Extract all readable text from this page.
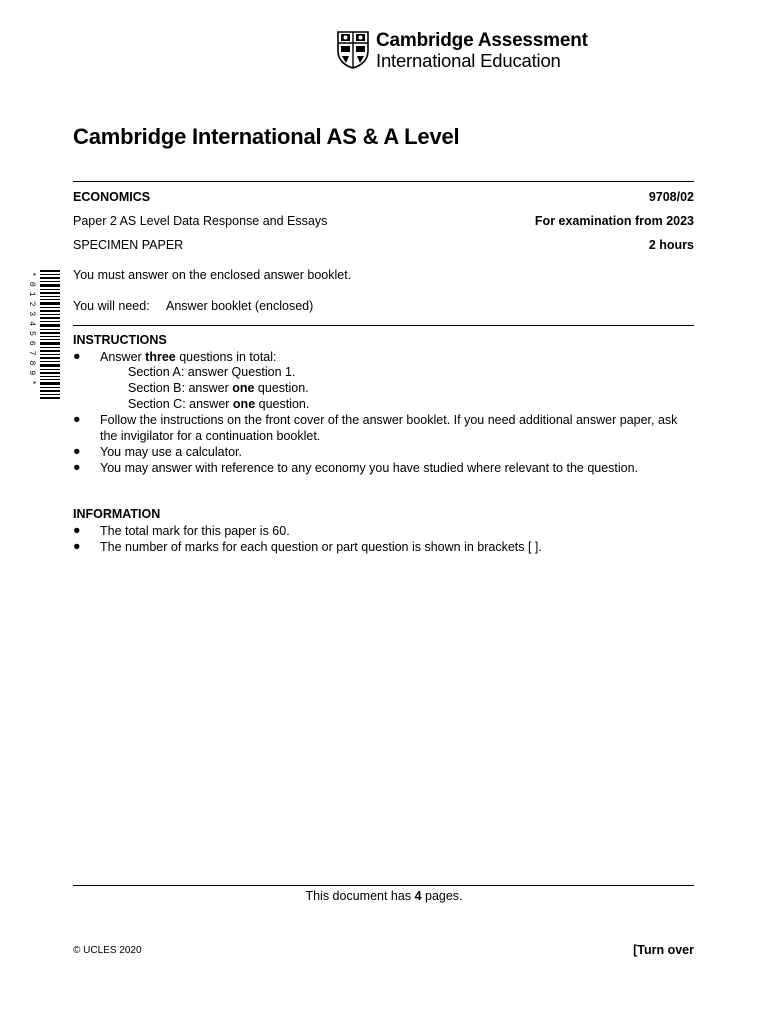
Cambridge Assessment
International Education
Cambridge International AS & A Level
ECONOMICS	9708/02
Paper 2 AS Level Data Response and Essays	For examination from 2023
SPECIMEN PAPER	2 hours
* 0 1 2 3 4 5 6 7 8 9 *	You must answer on the enclosed answer booklet.
You will need: Answer booklet (enclosed)
INSTRUCTIONS
● Answer three questions in total:
Section A: answer Question 1.
Section B: answer one question.
Section C: answer one question.
● Follow the instructions on the front cover of the answer booklet. If you need additional answer paper, ask the invigilator for a continuation booklet.
● You may use a calculator.
● You may answer with reference to any economy you have studied where relevant to the question.
INFORMATION
● The total mark for this paper is 60.
● The number of marks for each question or part question is shown in brackets [ ].
This document has 4 pages.
© UCLES 2020	[Turn over
